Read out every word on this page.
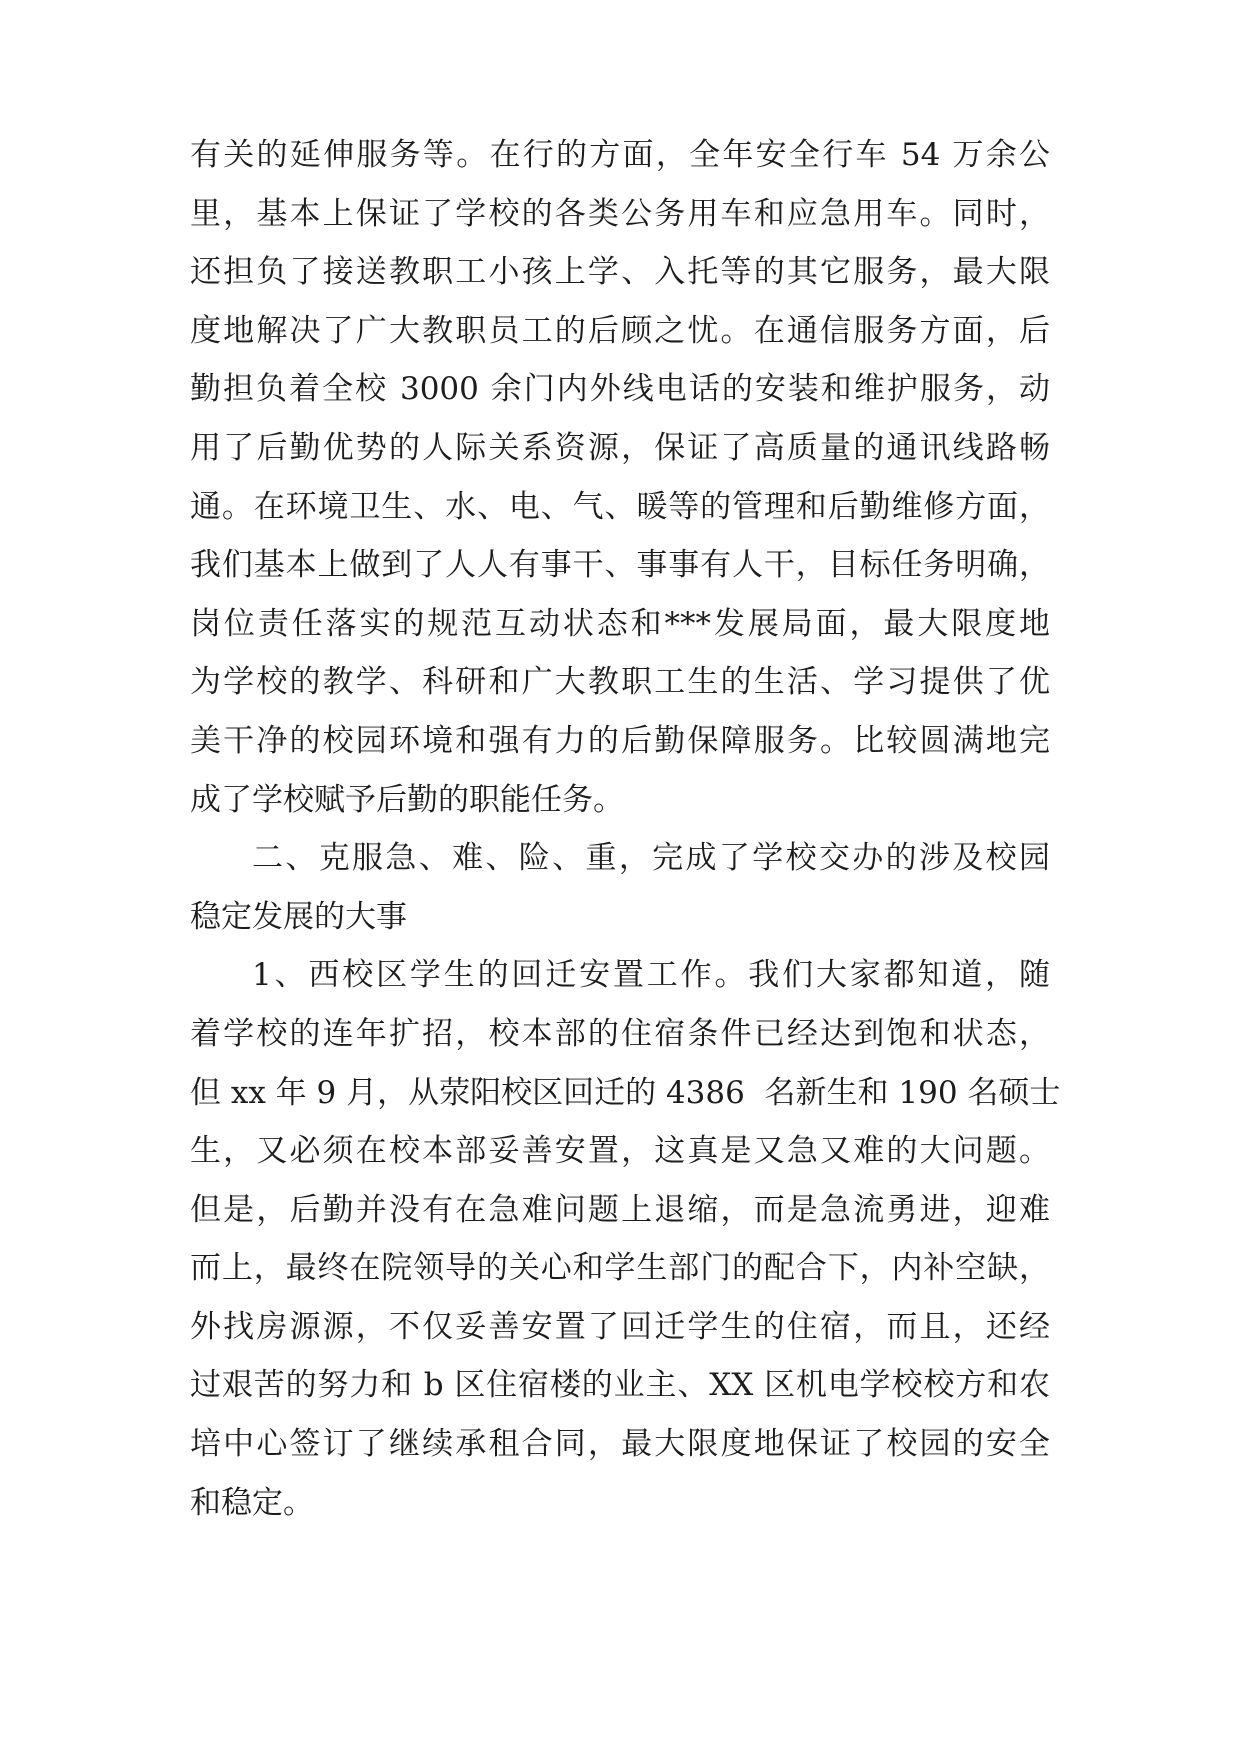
有关的延伸服务等。在行的方面，全年安全行车 54 万余公
里，基本上保证了学校的各类公务用车和应急用车。同时，
还担负了接送教职工小孩上学、入托等的其它服务，最大限
度地解决了广大教职员工的后顾之忧。在通信服务方面，后
勤担负着全校 3000 余门内外线电话的安装和维护服务，动
用了后勤优势的人际关系资源，保证了高质量的通讯线路畅
通。在环境卫生、水、电、气、暖等的管理和后勤维修方面，
我们基本上做到了人人有事干、事事有人干，目标任务明确，
岗位责任落实的规范互动状态和***发展局面，最大限度地
为学校的教学、科研和广大教职工生的生活、学习提供了优
美干净的校园环境和强有力的后勤保障服务。比较圆满地完
成了学校赋予后勤的职能任务。
二、克服急、难、险、重，完成了学校交办的涉及校园
稳定发展的大事
1、西校区学生的回迁安置工作。我们大家都知道，随
着学校的连年扩招，校本部的住宿条件已经达到饱和状态，
但 xx 年 9 月，从荥阳校区回迁的 4386  名新生和 190 名硕士
生，又必须在校本部妥善安置，这真是又急又难的大问题。
但是，后勤并没有在急难问题上退缩，而是急流勇进，迎难
而上，最终在院领导的关心和学生部门的配合下，内补空缺，
外找房源源，不仅妥善安置了回迁学生的住宿，而且，还经
过艰苦的努力和 b 区住宿楼的业主、XX 区机电学校校方和农
培中心签订了继续承租合同，最大限度地保证了校园的安全
和稳定。
